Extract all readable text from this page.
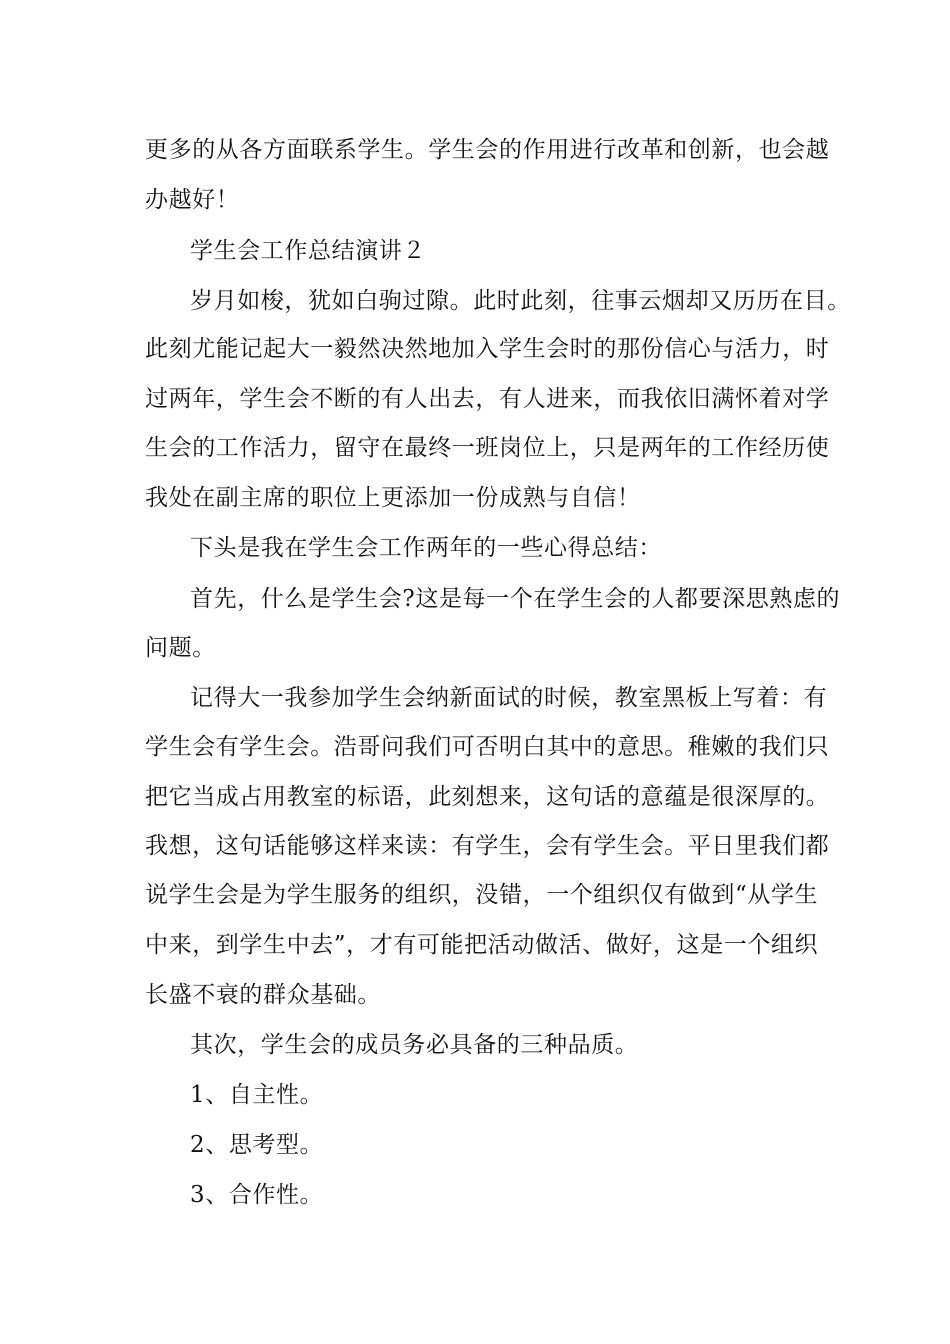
更多的从各方面联系学生。学生会的作用进行改革和创新，也会越
办越好！
学生会工作总结演讲２
岁月如梭，犹如白驹过隙。此时此刻，往事云烟却又历历在目。
此刻尤能记起大一毅然决然地加入学生会时的那份信心与活力，时
过两年，学生会不断的有人出去，有人进来，而我依旧满怀着对学
生会的工作活力，留守在最终一班岗位上，只是两年的工作经历使
我处在副主席的职位上更添加一份成熟与自信！
下头是我在学生会工作两年的一些心得总结：
首先，什么是学生会?这是每一个在学生会的人都要深思熟虑的
问题。
记得大一我参加学生会纳新面试的时候，教室黑板上写着：有
学生会有学生会。浩哥问我们可否明白其中的意思。稚嫩的我们只
把它当成占用教室的标语，此刻想来，这句话的意蕴是很深厚的。
我想，这句话能够这样来读：有学生，会有学生会。平日里我们都
说学生会是为学生服务的组织，没错，一个组织仅有做到“从学生
中来，到学生中去”，才有可能把活动做活、做好，这是一个组织
长盛不衰的群众基础。
其次，学生会的成员务必具备的三种品质。
1、自主性。
2、思考型。
3、合作性。
